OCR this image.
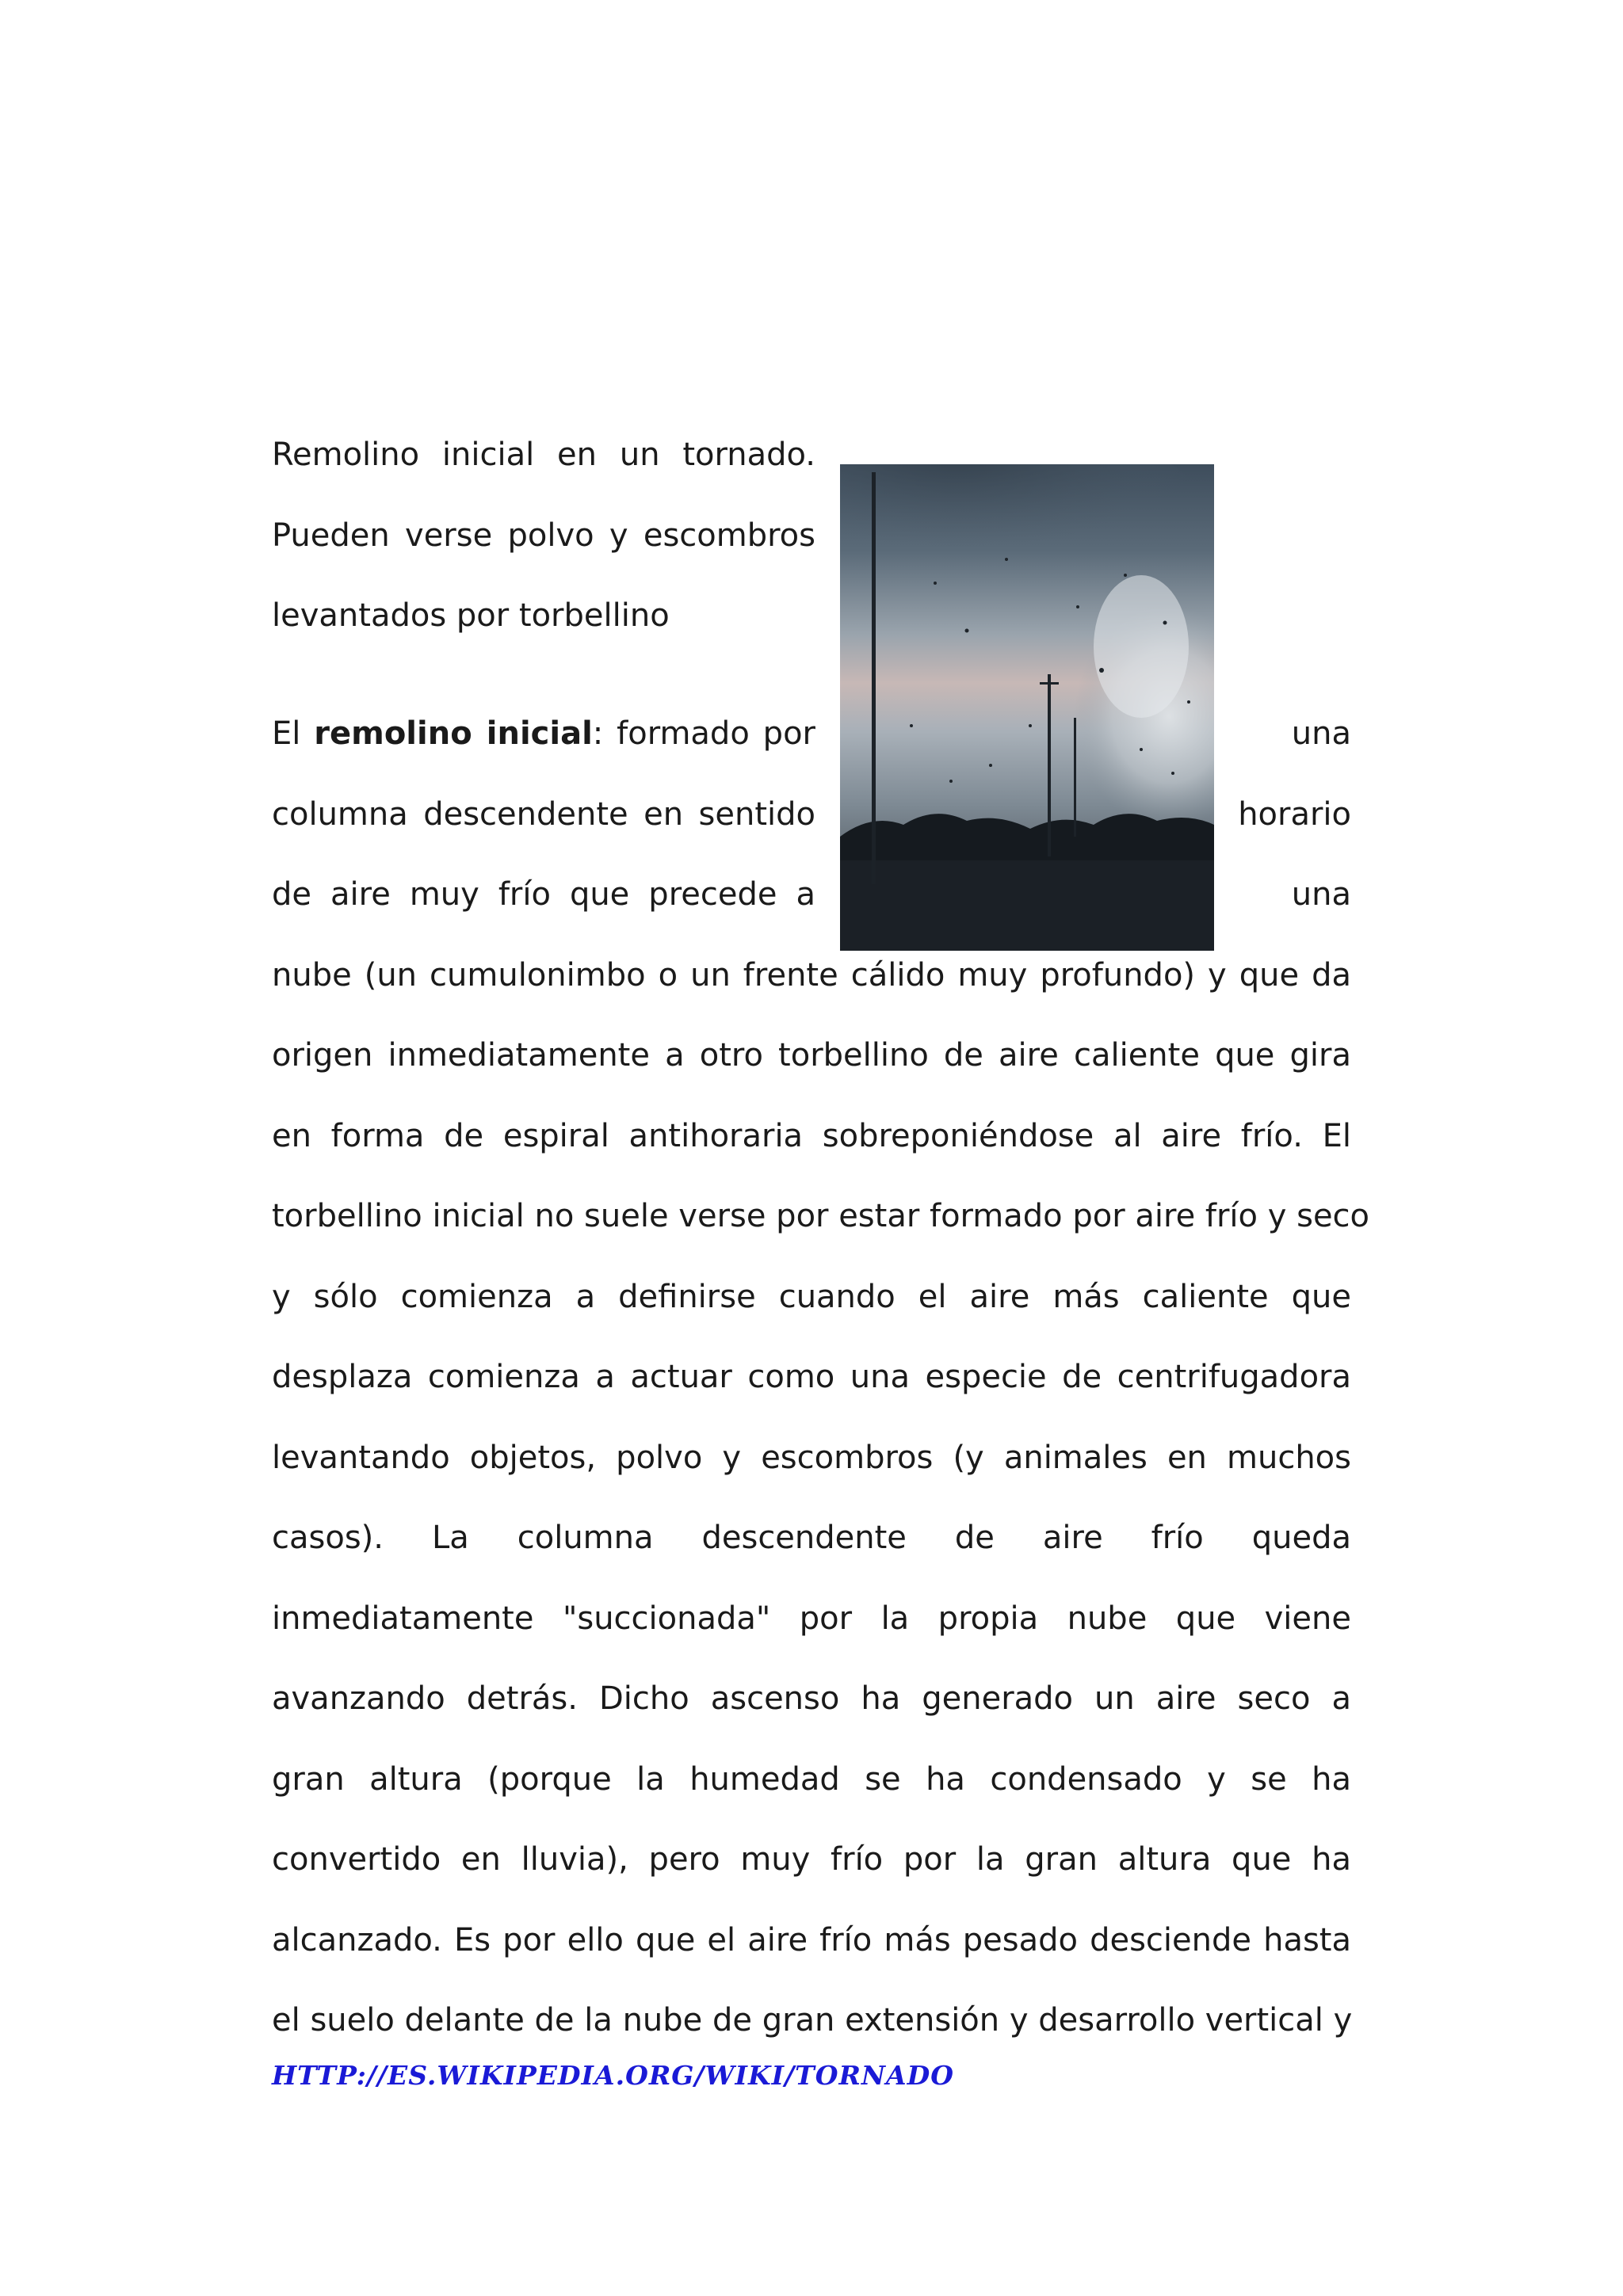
Remolino inicial en un tornado.
Pueden verse polvo y escombros
levantados por torbellino
El remolino inicial: formado por	una
columna descendente en sentido	horario
de aire muy frío que precede a	una
nube (un cumulonimbo o un frente cálido muy profundo) y que da
origen inmediatamente a otro torbellino de aire caliente que gira
en forma de espiral antihoraria sobreponiéndose al aire frío. El
torbellino inicial no suele verse por estar formado por aire frío y seco
y sólo comienza a definirse cuando el aire más caliente que
desplaza comienza a actuar como una especie de centrifugadora
levantando objetos, polvo y escombros (y animales en muchos
casos). La columna descendente de aire frío queda
inmediatamente "succionada" por la propia nube que viene
avanzando detrás. Dicho ascenso ha generado un aire seco a
gran altura (porque la humedad se ha condensado y se ha
convertido en lluvia), pero muy frío por la gran altura que ha
alcanzado. Es por ello que el aire frío más pesado desciende hasta
el suelo delante de la nube de gran extensión y desarrollo vertical y
HTTP://ES.WIKIPEDIA.ORG/WIKI/TORNADO
